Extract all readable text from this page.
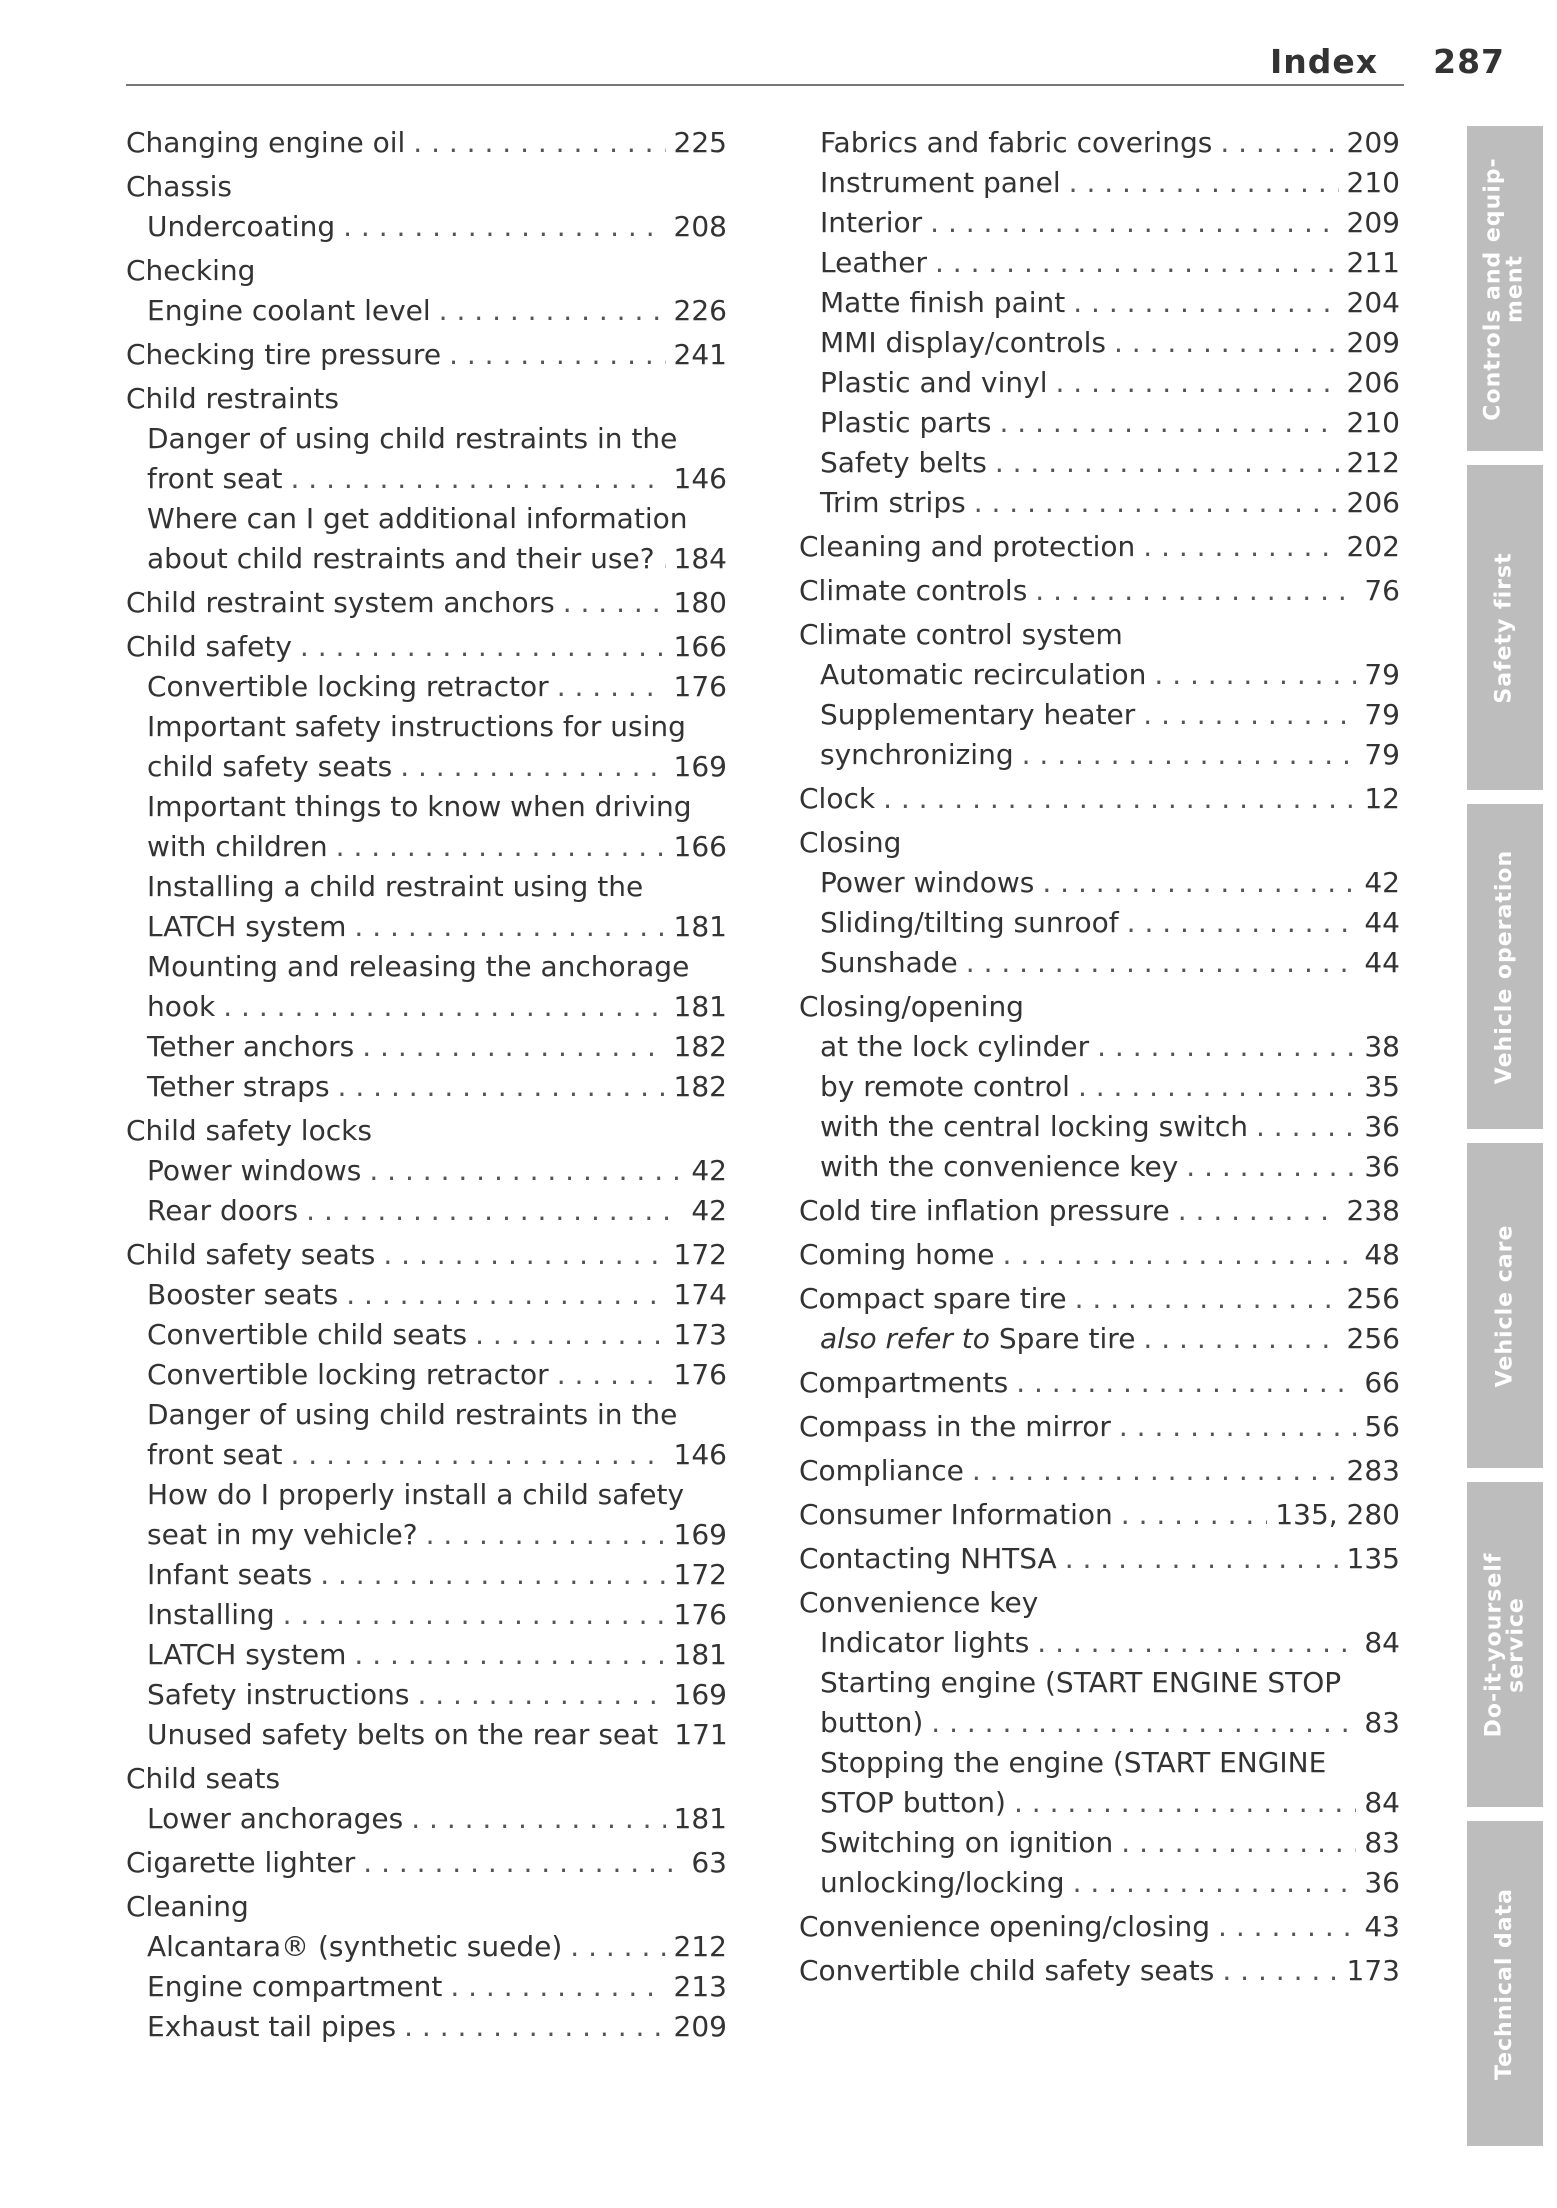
Index 287
Changing engine oil . . .	225
Chassis
Undercoating . . .	208
Checking
Engine coolant level . . .	226
Checking tire pressure . . .	241
Child restraints
Danger of using child restraints in the
front seat . . .	146
Where can I get additional information
about child restraints and their use? . . . 184
Child restraint system anchors . . .	180
Child safety . . .	166
Convertible locking retractor . . .	176
Important safety instructions for using
child safety seats . . .	169
Important things to know when driving
with children . . .	166
Installing a child restraint using the
LATCH system . . .	181
Mounting and releasing the anchorage
hook . . .	181
Tether anchors . . .	182
Tether straps . . .	182
Child safety locks
Power windows . . .	42
Rear doors . . .	42
Child safety seats . . .	172
Booster seats . . .	174
Convertible child seats . . .	173
Convertible locking retractor . . .	176
Danger of using child restraints in the
front seat . . .	146
How do I properly install a child safety
seat in my vehicle? . . .	169
Infant seats . . .	172
Installing . . .	176
LATCH system . . .	181
Safety instructions . . .	169
Unused safety belts on the rear seat 171
Child seats
Lower anchorages . . .	181
Cigarette lighter . . .	63
Cleaning
Alcantara® (synthetic suede) . . .	212
Engine compartment . . .	213
Exhaust tail pipes . . .	209
Fabrics and fabric coverings . . .	209
Instrument panel . . .	210
Interior . . .	209
Leather . . .	211
Matte finish paint . . .	204
MMI display/controls . . .	209
Plastic and vinyl . . .	206
Plastic parts . . .	210
Safety belts . . .	212
Trim strips . . .	206
Cleaning and protection . . .	202
Climate controls . . .	76
Climate control system
Automatic recirculation . . .	79
Supplementary heater . . .	79
synchronizing . . .	79
Clock . . .	12
Closing
Power windows . . .	42
Sliding/tilting sunroof . . .	44
Sunshade . . .	44
Closing/opening
at the lock cylinder . . .	38
by remote control . . .	35
with the central locking switch . . .	36
with the convenience key . . .	36
Cold tire inflation pressure . . .	238
Coming home . . .	48
Compact spare tire . . .	256
also refer to Spare tire . . .	256
Compartments . . .	66
Compass in the mirror . . .	56
Compliance . . .	283
Consumer Information . . .	135, 280
Contacting NHTSA . . .	135
Convenience key
Indicator lights . . .	84
Starting engine (START ENGINE STOP
button) . . .	83
Stopping the engine (START ENGINE
STOP button) . . .	84
Switching on ignition . . .	83
unlocking/locking . . .	36
Convenience opening/closing . . .	43
Convertible child safety seats . . .	173
Controls and equip-
ment
Safety first
Vehicle operation
Vehicle care
Do-it-yourself
service
Technical data
